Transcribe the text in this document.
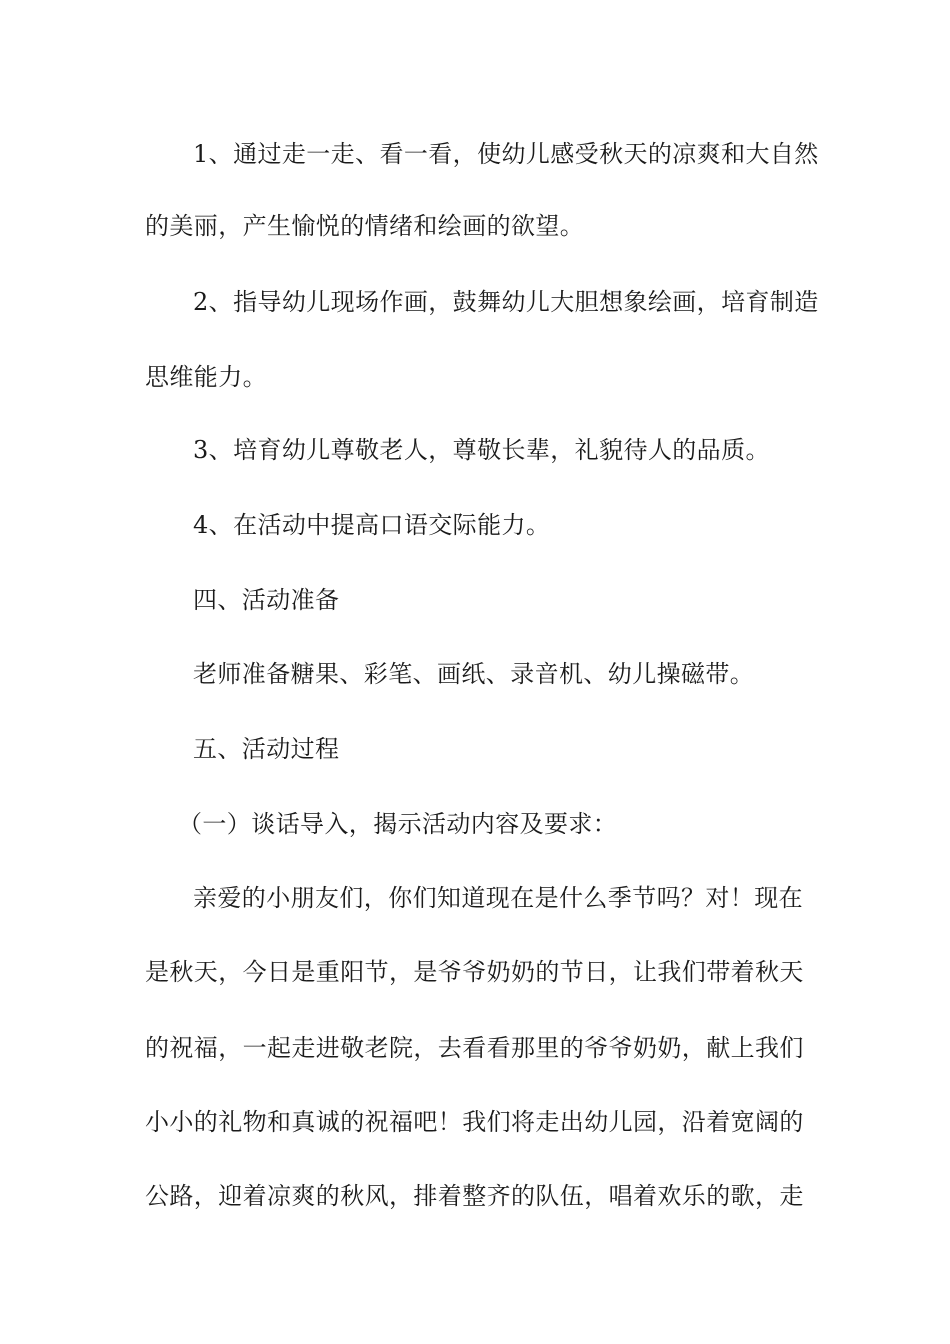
1、通过走一走、看一看，使幼儿感受秋天的凉爽和大自然
的美丽，产生愉悦的情绪和绘画的欲望。
2、指导幼儿现场作画，鼓舞幼儿大胆想象绘画，培育制造
思维能力。
3、培育幼儿尊敬老人，尊敬长辈，礼貌待人的品质。
4、在活动中提高口语交际能力。
四、活动准备
老师准备糖果、彩笔、画纸、录音机、幼儿操磁带。
五、活动过程
（一）谈话导入，揭示活动内容及要求：
亲爱的小朋友们，你们知道现在是什么季节吗？对！现在
是秋天，今日是重阳节，是爷爷奶奶的节日，让我们带着秋天
的祝福，一起走进敬老院，去看看那里的爷爷奶奶，献上我们
小小的礼物和真诚的祝福吧！我们将走出幼儿园，沿着宽阔的
公路，迎着凉爽的秋风，排着整齐的队伍，唱着欢乐的歌，走
